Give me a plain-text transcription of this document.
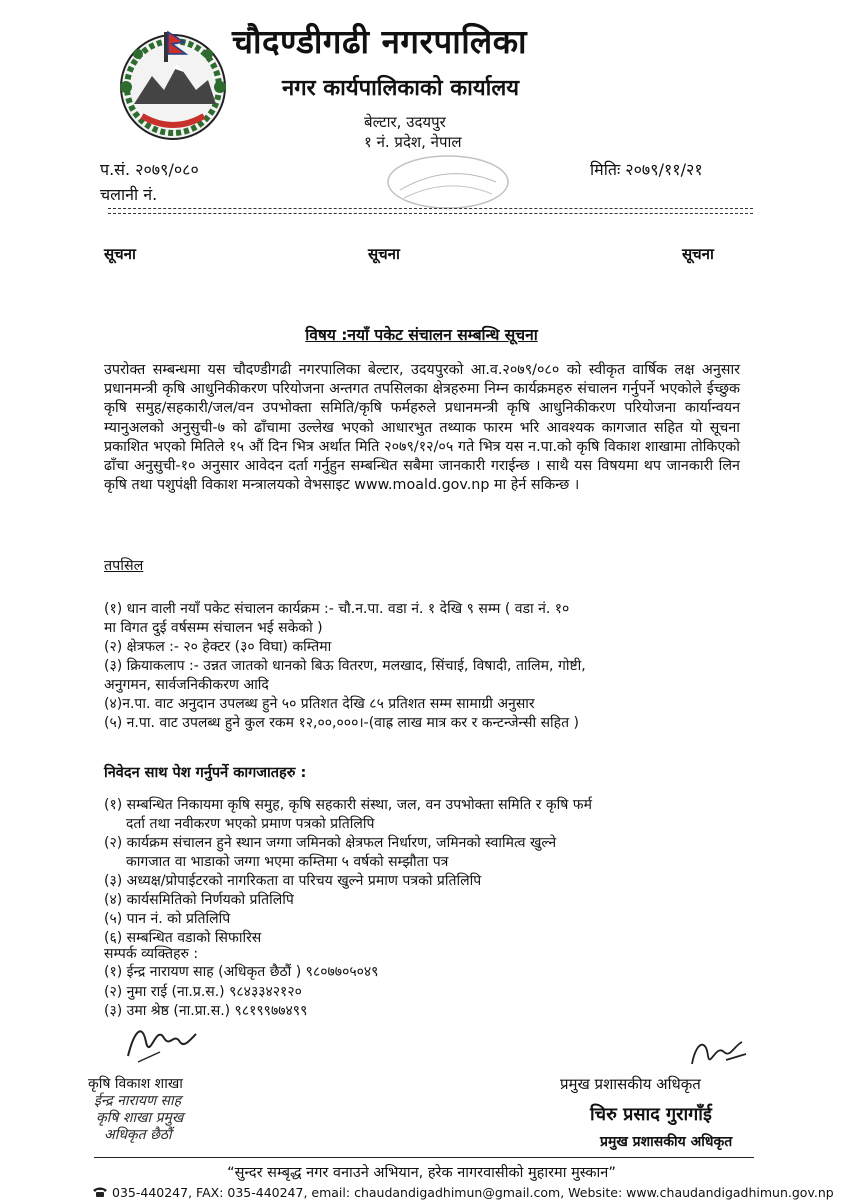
चौदण्डीगढी नगरपालिका
नगर कार्यपालिकाको कार्यालय
बेल्टार, उदयपुर
१ नं. प्रदेश, नेपाल
प.सं. २०७९/०८०
चलानी नं.
मितिः २०७९/११/२१
सूचना	सूचना	सूचना
विषय :नयाँ पकेट संचालन सम्बन्धि सूचना
उपरोक्त सम्बन्धमा यस चौदण्डीगढी नगरपालिका बेल्टार, उदयपुरको आ.व.२०७९/०८० को स्वीकृत वार्षिक लक्ष अनुसार प्रधानमन्त्री कृषि आधुनिकीकरण परियोजना अन्तगत तपसिलका क्षेत्रहरुमा निम्न कार्यक्रमहरु संचालन गर्नुपर्ने भएकोले ईच्छुक कृषि समुह/सहकारी/जल/वन उपभोक्ता समिति/कृषि फर्महरुले प्रधानमन्त्री कृषि आधुनिकीकरण परियोजना कार्यान्वयन म्यानुअलको अनुसुची-७ को ढाँचामा उल्लेख भएको आधारभुत तथ्याक फारम भरि आवश्यक कागजात सहित यो सूचना प्रकाशित भएको मितिले १५ औं दिन भित्र अर्थात मिति २०७९/१२/०५ गते भित्र यस न.पा.को कृषि विकाश शाखामा तोकिएको ढाँचा अनुसुची-१० अनुसार आवेदन दर्ता गर्नुहुन सम्बन्धित सबैमा जानकारी गराईन्छ । साथै यस विषयमा थप जानकारी लिन कृषि तथा पशुपंक्षी विकाश मन्त्रालयको वेभसाइट www.moald.gov.np मा हेर्न सकिन्छ ।
तपसिल
(१) धान वाली नयाँ पकेट संचालन कार्यक्रम :- चौ.न.पा. वडा नं. १ देखि ९ सम्म ( वडा नं. १०
मा विगत दुई वर्षसम्म संचालन भई सकेको )
(२) क्षेत्रफल :- २० हेक्टर (३० विघा) कम्तिमा
(३) क्रियाकलाप :- उन्नत जातको धानको बिऊ वितरण, मलखाद, सिंचाई, विषादी, तालिम, गोष्टी,
अनुगमन, सार्वजनिकीकरण आदि
(४)न.पा. वाट अनुदान उपलब्ध हुने ५० प्रतिशत देखि ८५ प्रतिशत सम्म सामाग्री अनुसार
(५) न.पा. वाट उपलब्ध हुने कुल रकम १२,००,०००।-(वाह्र लाख मात्र कर र कन्टन्जेन्सी सहित )
निवेदन साथ पेश गर्नुपर्ने कागजातहरु :
(१) सम्बन्धित निकायमा कृषि समुह, कृषि सहकारी संस्था, जल, वन उपभोक्ता समिति र कृषि फर्म
दर्ता तथा नवीकरण भएको प्रमाण पत्रको प्रतिलिपि
(२) कार्यक्रम संचालन हुने स्थान जग्गा जमिनको क्षेत्रफल निर्धारण, जमिनको स्वामित्व खुल्ने
कागजात वा भाडाको जग्गा भएमा कम्तिमा ५ वर्षको सम्झौता पत्र
(३) अध्यक्ष/प्रोपाईटरको नागरिकता वा परिचय खुल्ने प्रमाण पत्रको प्रतिलिपि
(४) कार्यसमितिको निर्णयको प्रतिलिपि
(५) पान नं. को प्रतिलिपि
(६) सम्बन्धित वडाको सिफारिस
सम्पर्क व्यक्तिहरु :
(१) ईन्द्र नारायण साह (अधिकृत छैठौं ) ९८०७७०५०४९
(२) नुमा राई (ना.प्र.स.) ९८४३३४२१२०
(३) उमा श्रेष्ठ (ना.प्रा.स.) ९८१९९७७४९९
कृषि विकाश शाखा
ईन्द्र नारायण साह
कृषि शाखा प्रमुख
अधिकृत छैठौं
प्रमुख प्रशासकीय अधिकृत
चिरु प्रसाद गुरागाँई
प्रमुख प्रशासकीय अधिकृत
“सुन्दर सम्बृद्ध नगर वनाउने अभियान, हरेक नागरवासीको मुहारमा मुस्कान”
035-440247, FAX: 035-440247, email: chaudandigadhimun@gmail.com, Website: www.chaudandigadhimun.gov.np
